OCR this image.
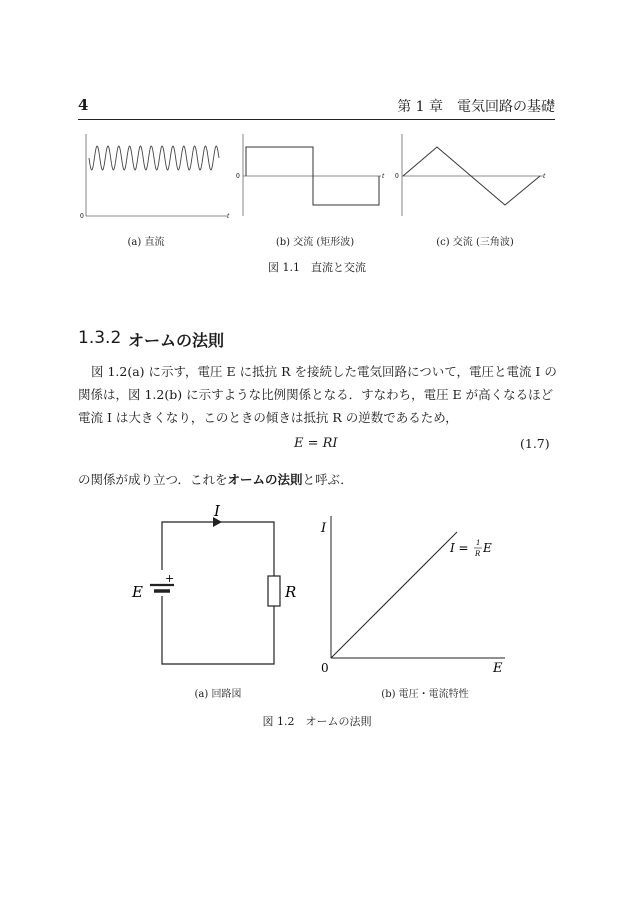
4	第 1 章　電気回路の基礎
0	t
0	t 0	t
(a) 直流	(b) 交流 (矩形波)	(c) 交流 (三角波)
図 1.1　直流と交流
1.3.2 オームの法則
図 1.2(a) に示す，電圧 E に抵抗 R を接続した電気回路について，電圧と電流 I の
関係は，図 1.2(b) に示すような比例関係となる．すなわち，電圧 E が高くなるほど
電流 I は大きくなり，このときの傾きは抵抗 R の逆数であるため，
E = RI	(1.7)
の関係が成り立つ．これをオームの法則と呼ぶ．
I
+
E	R
I
E
0
I = 1
R E
(a) 回路図	(b) 電圧・電流特性
図 1.2　オームの法則
